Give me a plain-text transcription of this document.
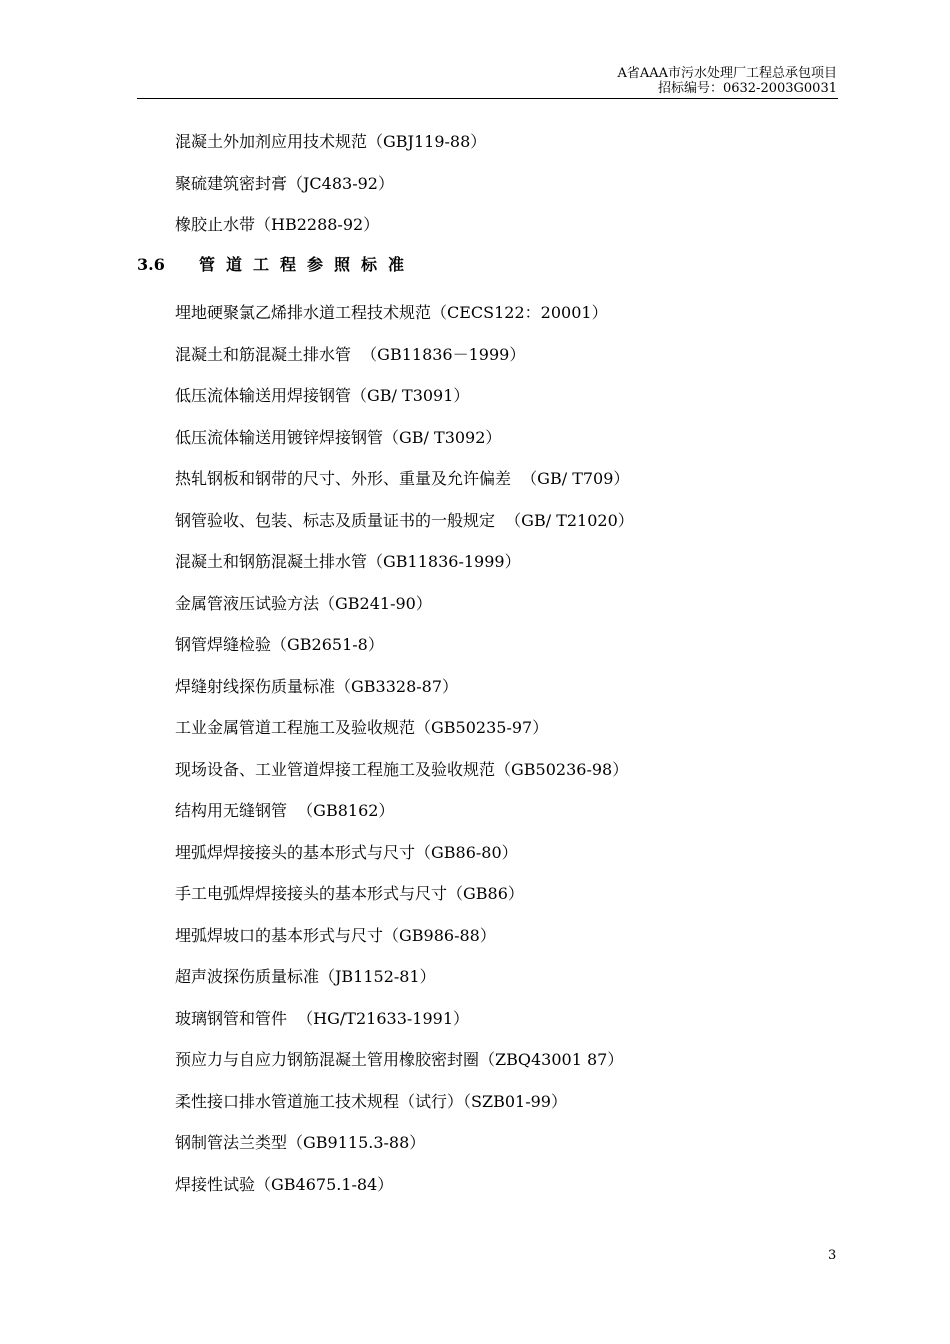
A省AAA市污水处理厂工程总承包项目
招标编号：0632-2003G0031
混凝土外加剂应用技术规范（GBJ119-88）
聚硫建筑密封膏（JC483-92）
橡胶止水带（HB2288-92）
3.6	管道工程参照标准
埋地硬聚氯乙烯排水道工程技术规范（CECS122：20001）
混凝土和筋混凝土排水管  （GB11836－1999）
低压流体输送用焊接钢管（GB/ T3091）
低压流体输送用镀锌焊接钢管（GB/ T3092）
热轧钢板和钢带的尺寸、外形、重量及允许偏差  （GB/ T709）
钢管验收、包装、标志及质量证书的一般规定  （GB/ T21020）
混凝土和钢筋混凝土排水管（GB11836-1999）
金属管液压试验方法（GB241-90）
钢管焊缝检验（GB2651-8）
焊缝射线探伤质量标准（GB3328-87）
工业金属管道工程施工及验收规范（GB50235-97）
现场设备、工业管道焊接工程施工及验收规范（GB50236-98）
结构用无缝钢管  （GB8162）
埋弧焊焊接接头的基本形式与尺寸（GB86-80）
手工电弧焊焊接接头的基本形式与尺寸（GB86）
埋弧焊坡口的基本形式与尺寸（GB986-88）
超声波探伤质量标准（JB1152-81）
玻璃钢管和管件  （HG/T21633-1991）
预应力与自应力钢筋混凝土管用橡胶密封圈（ZBQ43001 87）
柔性接口排水管道施工技术规程（试行）（SZB01-99）
钢制管法兰类型（GB9115.3-88）
焊接性试验（GB4675.1-84）
3
